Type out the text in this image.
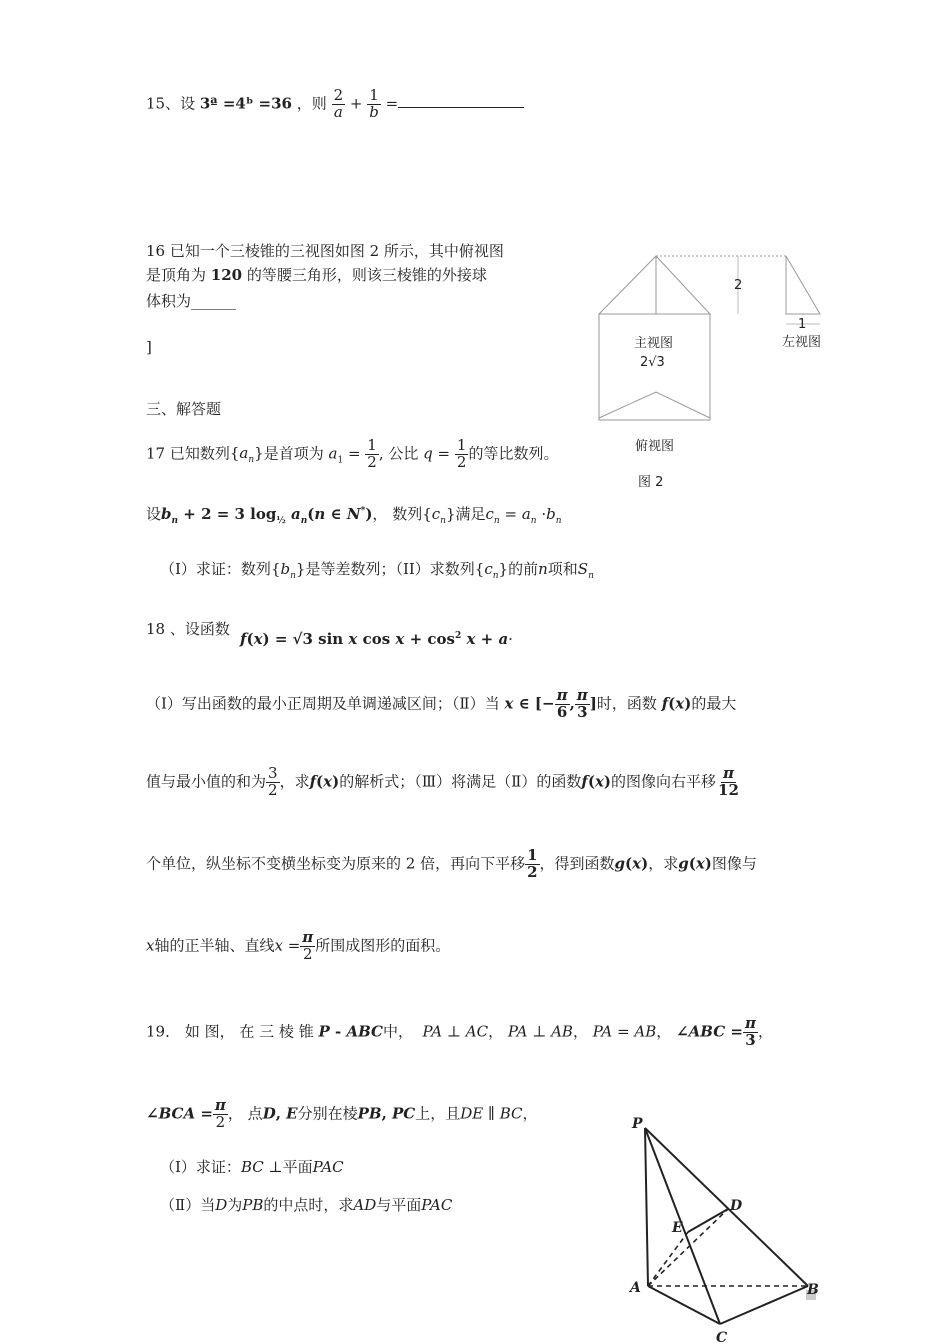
15、设 3ª =4ᵇ =36 ，则 $\frac{2}{a} + \frac{1}{b}$ =
16 已知一个三棱锥的三视图如图 2 所示，其中俯视图
是顶角为 120 的等腰三角形，则该三棱锥的外接球
体积为______
]
2
1
主视图	左视图
2√3
俯视图
图 2
三、解答题
17 已知数列$\{a_n\}$是首项为 $a_1 = \frac{1}{2}$ , 公比 $q = \frac{1}{2}$ 的等比数列。
设$b_n + 2 = 3$ $\log_{\frac{1}{2}} a_n(n$ ∈ N*)， 数列$\{c_n\}$满足$c_n = a_n \cdot b_n$
（I）求证：数列$\{b_n\}$是等差数列；（II）求数列$\{c_n\}$的前n项和$S_n$
18 、设函数
f(x) = √3 sin x $\cos x + \cos^2 x + a\cdot$
（Ⅰ）写出函数的最小正周期及单调递减区间；（Ⅱ）当 x ∈ [− $\frac{\pi}{6}$ , $\frac{\pi}{3}$ ]时，函数 f(x)的最大
值与最小值的和为 $\frac{3}{2}$ ，求f(x)的解析式；（Ⅲ）将满足（Ⅱ）的函数f(x)的图像向右平移 $\frac{\pi}{12}$
个单位，纵坐标不变横坐标变为原来的 2 倍，再向下平移 $\frac{1}{2}$ ，得到函数g(x)，求g(x)图像与
x轴的正半轴、直线$x = \frac{\pi}{2}$ 所围成图形的面积。
19． 如 图， 在 三 棱 锥 P - ABC中， PA ⊥ AC， PA ⊥ AB， PA = AB， ∠ABC = $\frac{\pi}{3}$ ，
∠BCA = $\frac{\pi}{2}$ ， 点D, E分别在棱PB, PC上，且DE ∥ BC，
（Ⅰ）求证：BC ⊥平面PAC
（Ⅱ）当D为PB的中点时，求AD与平面PAC
P
D
E
A	B
C
